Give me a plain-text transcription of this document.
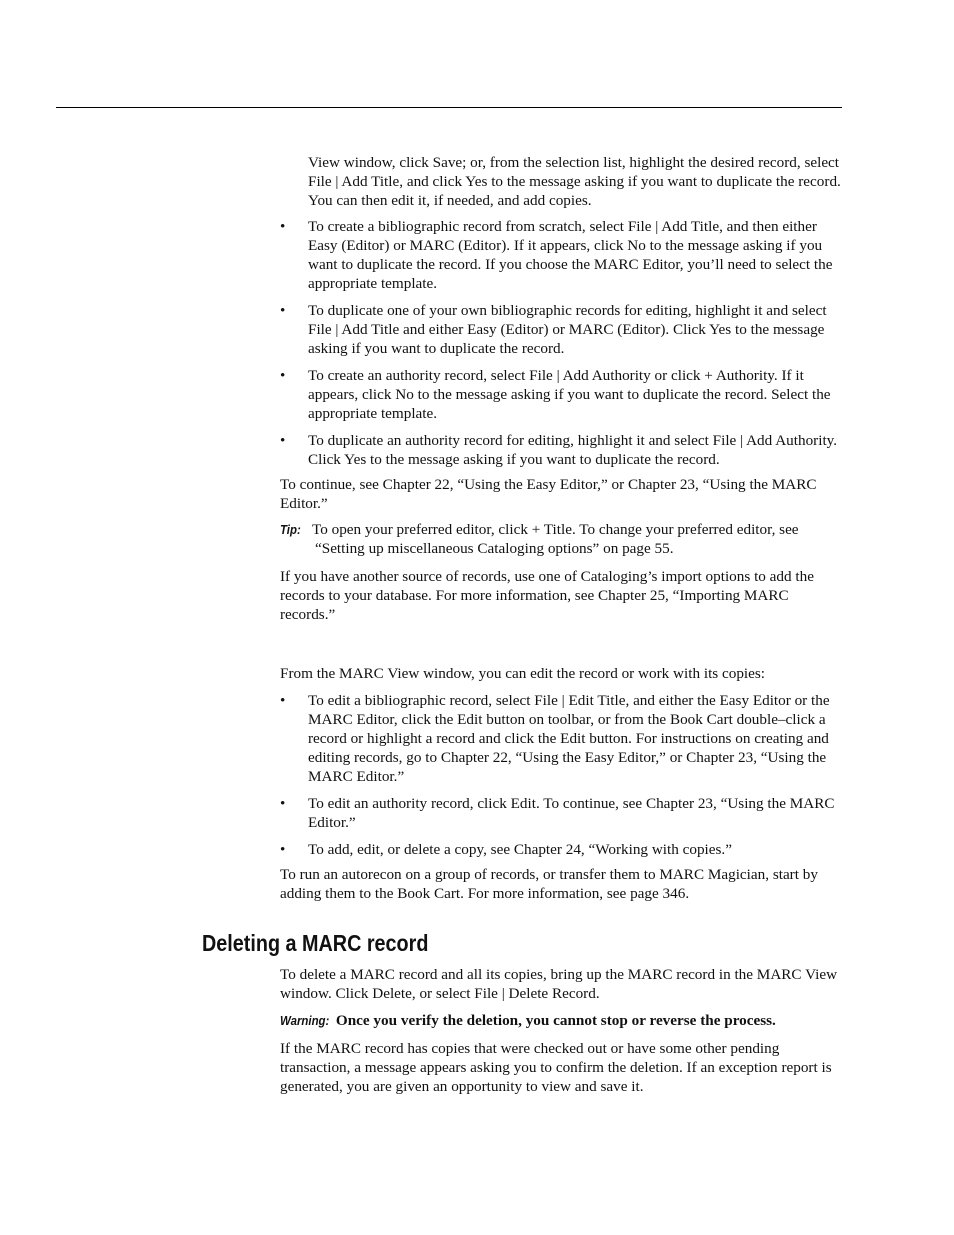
View window, click Save; or, from the selection list, highlight the desired record, select File | Add Title, and click Yes to the message asking if you want to duplicate the record. You can then edit it, if needed, and add copies.

•	To create a bibliographic record from scratch, select File | Add Title, and then either Easy (Editor) or MARC (Editor). If it appears, click No to the message asking if you want to duplicate the record. If you choose the MARC Editor, you’ll need to select the appropriate template.

•	To duplicate one of your own bibliographic records for editing, highlight it and select File | Add Title and either Easy (Editor) or MARC (Editor). Click Yes to the message asking if you want to duplicate the record.

•	To create an authority record, select File | Add Authority or click + Authority. If it appears, click No to the message asking if you want to duplicate the record. Select the appropriate template.

•	To duplicate an authority record for editing, highlight it and select File | Add Authority. Click Yes to the message asking if you want to duplicate the record.

To continue, see Chapter 22, “Using the Easy Editor,” or Chapter 23, “Using the MARC Editor.”

Tip: To open your preferred editor, click + Title. To change your preferred editor, see “Setting up miscellaneous Cataloging options” on page 55.

If you have another source of records, use one of Cataloging’s import options to add the records to your database. For more information, see Chapter 25, “Importing MARC records.”

From the MARC View window, you can edit the record or work with its copies:

•	To edit a bibliographic record, select File | Edit Title, and either the Easy Editor or the MARC Editor, click the Edit button on toolbar, or from the Book Cart double–click a record or highlight a record and click the Edit button. For instructions on creating and editing records, go to Chapter 22, “Using the Easy Editor,” or Chapter 23, “Using the MARC Editor.”

•	To edit an authority record, click Edit. To continue, see Chapter 23, “Using the MARC Editor.”

•	To add, edit, or delete a copy, see Chapter 24, “Working with copies.”

To run an autorecon on a group of records, or transfer them to MARC Magician, start by adding them to the Book Cart. For more information, see page 346.

Deleting a MARC record

To delete a MARC record and all its copies, bring up the MARC record in the MARC View window. Click Delete, or select File | Delete Record.

Warning: Once you verify the deletion, you cannot stop or reverse the process.

If the MARC record has copies that were checked out or have some other pending transaction, a message appears asking you to confirm the deletion. If an exception report is generated, you are given an opportunity to view and save it.
